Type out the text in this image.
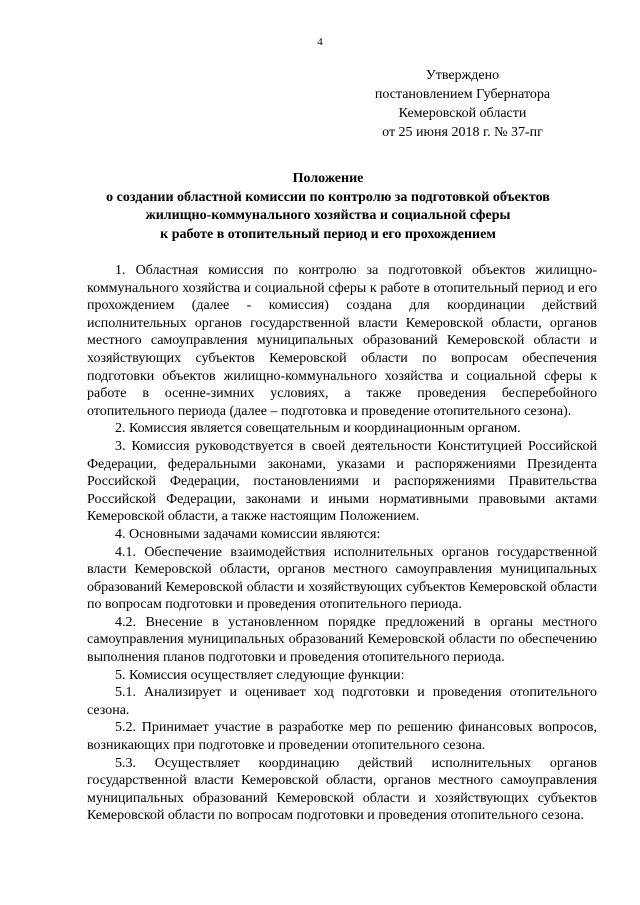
4
Утверждено
постановлением Губернатора
Кемеровской области
от 25 июня 2018 г. № 37-пг
Положение
о создании областной комиссии по контролю за подготовкой объектов
жилищно-коммунального хозяйства и социальной сферы
к работе в отопительный период и его прохождением

1. Областная комиссия по контролю за подготовкой объектов жилищно-коммунального хозяйства и социальной сферы к работе в отопительный период и его прохождением (далее - комиссия) создана для координации действий исполнительных органов государственной власти Кемеровской области, органов местного самоуправления муниципальных образований Кемеровской области и хозяйствующих субъектов Кемеровской области по вопросам обеспечения подготовки объектов жилищно-коммунального хозяйства и социальной сферы к работе в осенне-зимних условиях, а также проведения бесперебойного отопительного периода (далее – подготовка и проведение отопительного сезона).

2. Комиссия является совещательным и координационным органом.

3. Комиссия руководствуется в своей деятельности Конституцией Российской Федерации, федеральными законами, указами и распоряжениями Президента Российской Федерации, постановлениями и распоряжениями Правительства Российской Федерации, законами и иными нормативными правовыми актами Кемеровской области, а также настоящим Положением.

4. Основными задачами комиссии являются:

4.1. Обеспечение взаимодействия исполнительных органов государственной власти Кемеровской области, органов местного самоуправления муниципальных образований Кемеровской области и хозяйствующих субъектов Кемеровской области по вопросам подготовки и проведения отопительного периода.

4.2. Внесение в установленном порядке предложений в органы местного самоуправления муниципальных образований Кемеровской области по обеспечению выполнения планов подготовки и проведения отопительного периода.

5. Комиссия осуществляет следующие функции:

5.1. Анализирует и оценивает ход подготовки и проведения отопительного сезона.

5.2. Принимает участие в разработке мер по решению финансовых вопросов, возникающих при подготовке и проведении отопительного сезона.

5.3. Осуществляет координацию действий исполнительных органов государственной власти Кемеровской области, органов местного самоуправления муниципальных образований Кемеровской области и хозяйствующих субъектов Кемеровской области по вопросам подготовки и проведения отопительного сезона.
